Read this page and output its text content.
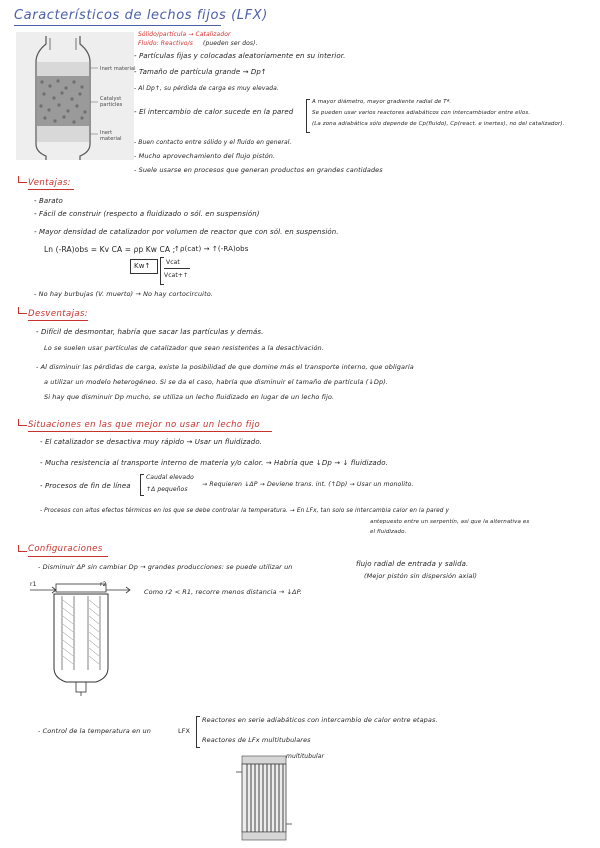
Característicos de lechos fijos (LFX)
Inert material
Catalyst particles
Inert material
Sólido/partícula → Catalizador
Fluido: Reactivo/s (pueden ser dos).
- Partículas fijas y colocadas aleatoriamente en su interior.
- Tamaño de partícula grande → Dp↑
- Al Dp↑, su pérdida de carga es muy elevada.
- El intercambio de calor sucede en la pared
A mayor diámetro, mayor gradiente radial de Tª.
Se pueden usar varios reactores adiabáticos con intercambiador entre ellos.
(La zona adiabática sólo depende de Cp(fluido), Cp(react. e inertes), no del catalizador).
- Buen contacto entre sólido y el fluido en general.
- Mucho aprovechamiento del flujo pistón.
- Suele usarse en procesos que generan productos en grandes cantidades
Ventajas:
- Barato
- Fácil de construir (respecto a fluidizado o sól. en suspensión)
- Mayor densidad de catalizador por volumen de reactor que con sól. en suspensión.
Ln (-RA)obs = Kv CA = ρp Kw CA ;
↑ρ(cat) → ↑(-RA)obs
Kw↑	Vcat
Vcat+↑
- No hay burbujas (V. muerto) → No hay cortocircuito.
Desventajas:
- Difícil de desmontar, habría que sacar las partículas y demás.
Lo se suelen usar partículas de catalizador que sean resistentes a la desactivación.
- Al disminuir las pérdidas de carga, existe la posibilidad de que domine más el transporte interno, que obligaría
a utilizar un modelo heterogéneo. Si se da el caso, habría que disminuir el tamaño de partícula (↓Dp).
Si hay que disminuir Dp mucho, se utiliza un lecho fluidizado en lugar de un lecho fijo.
Situaciones en las que mejor no usar un lecho fijo
- El catalizador se desactiva muy rápido → Usar un fluidizado.
- Mucha resistencia al transporte interno de materia y/o calor. → Habría que ↓Dp → ↓ fluidizado.
- Procesos de fin de línea
Caudal elevado
↑Δ pequeños
→ Requieren ↓ΔP → Deviene trans. int. (↑Dp) → Usar un monolito.
- Procesos con altos efectos térmicos en los que se debe controlar la temperatura. → En LFx, tan solo se intercambia calor en la pared y
antepuesto entre un serpentín, así que la alternativa es
el fluidizado.
Configuraciones
- Disminuir ΔP sin cambiar Dp → grandes producciones: se puede utilizar un	flujo radial de entrada y salida.
(Mejor pistón sin dispersión axial)
r1	r2
Como r2 < R1, recorre menos distancia → ↓ΔP.
- Control de la temperatura en un	LFX
Reactores en serie adiabáticos con intercambio de calor entre etapas.
Reactores de LFx multitubulares
multitubular
